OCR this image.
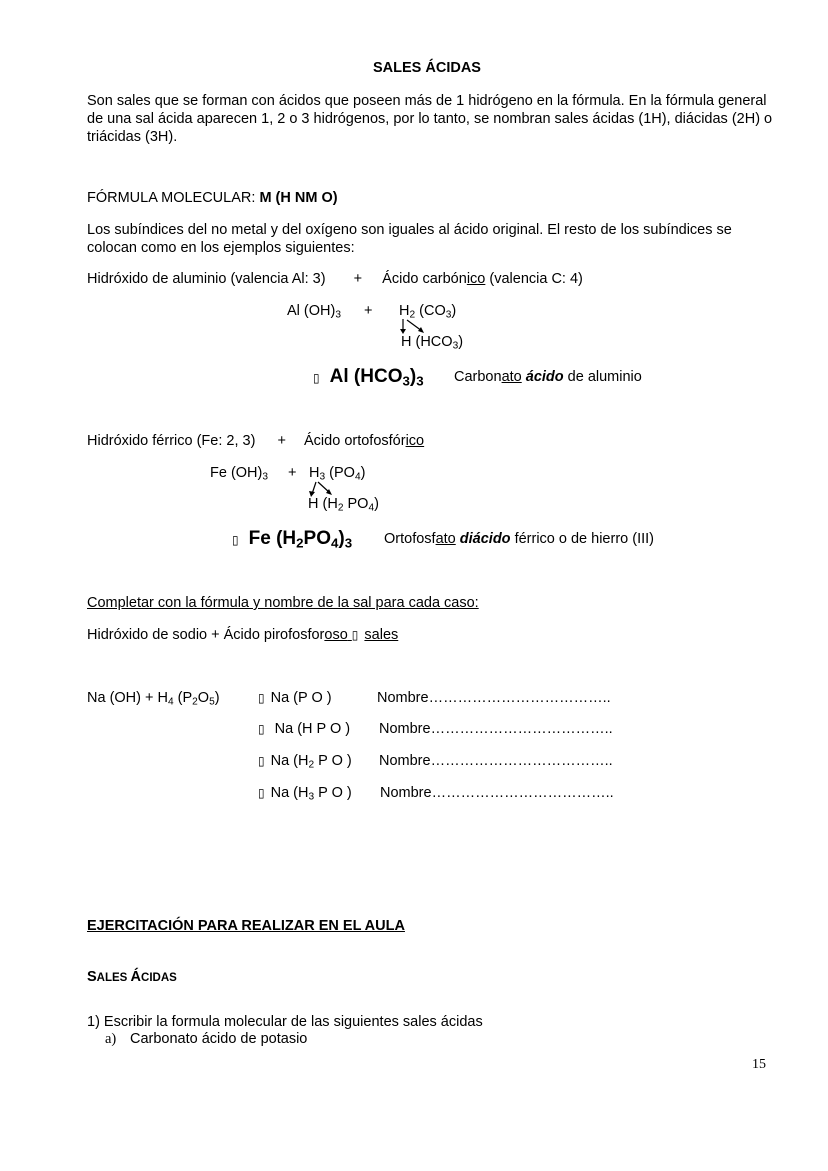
SALES ÁCIDAS
Son sales que se forman con ácidos que poseen más de 1 hidrógeno en la fórmula. En la fórmula general de una sal ácida aparecen 1, 2 o 3 hidrógenos, por lo tanto, se nombran sales ácidas (1H), diácidas (2H) o triácidas (3H).
FÓRMULA MOLECULAR: M (H NM O)
Los subíndices del no metal y del oxígeno son iguales al ácido original. El resto de los subíndices se colocan como en los ejemplos siguientes:
Hidróxido de aluminio (valencia Al: 3) + Ácido carbónico (valencia C: 4)
Al $(OH)_3 + H_2$ $(CO_3)$
H $(HCO_3)$
▯ Al $(HCO_3)_3$ Carbonato ácido de aluminio
Hidróxido férrico (Fe: 2, 3) + Ácido ortofosfórico
Fe $(OH)_3 + H_3$ $(PO_4)$
H ($H_2$ $PO_4$)
▯ Fe $(H_2PO_4)_3$ Ortofosfato diácido férrico o de hierro (III)
Completar con la fórmula y nombre de la sal para cada caso:
Hidróxido de sodio + Ácido pirofosforoso ▯ sales
Na $(OH) + H_4$ $(P_2O_5)$	▯ Na (P O )	Nombre………………………………..
▯ Na (H P O ) Nombre………………………………..
▯ Na ($H_2$ P O ) Nombre………………………………..
▯ Na ($H_3$ P O ) Nombre………………………………..
EJERCITACIÓN PARA REALIZAR EN EL AULA
SALES ÁCIDAS
1) Escribir la formula molecular de las siguientes sales ácidas
a) Carbonato ácido de potasio
15
